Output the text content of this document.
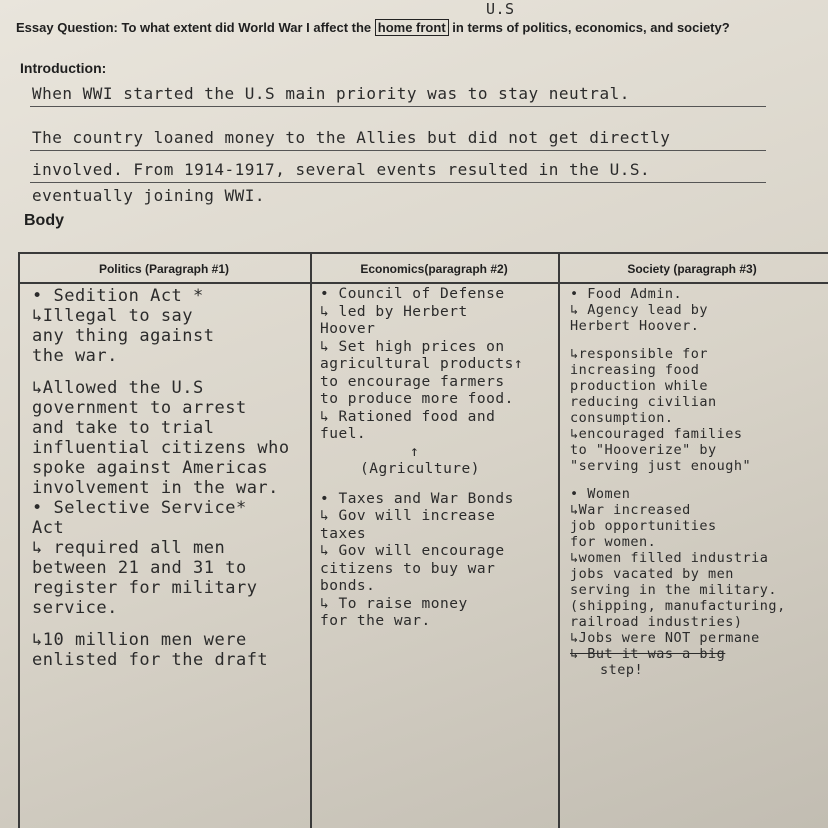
U.S
Essay Question: To what extent did World War I affect the home front in terms of politics, economics, and society?
Introduction:
When WWI started the U.S main priority was to stay neutral.
The country loaned money to the Allies but did not get directly
involved. From 1914-1917, several events resulted in the U.S.
eventually joining WWI.
Body
Politics (Paragraph #1)	Economics(paragraph #2)	Society (paragraph #3)

• Sedition Act *

↳Illegal to say

any thing against

the war.

↳Allowed the U.S

government to arrest

and take to trial

influential citizens who

spoke against Americas

involvement in the war.

• Selective Service*

Act

↳ required all men

between 21 and 31 to

register for military

service.

↳10 million men were

enlisted for the draft

• Council of Defense

↳ led by Herbert

Hoover

↳ Set high prices on

agricultural products↑

to encourage farmers

to produce more food.

↳ Rationed food and

fuel.

↑

(Agriculture)

• Taxes and War Bonds

↳ Gov will increase

taxes

↳ Gov will encourage

citizens to buy war

bonds.

↳ To raise money

for the war.

• Food Admin.

↳ Agency lead by

Herbert Hoover.

↳responsible for

increasing food

production while

reducing civilian

consumption.

↳encouraged families

to "Hooverize" by

"serving just enough"

• Women

↳War increased

job opportunities

for women.

↳women filled industria

jobs vacated by men

serving in the military.

(shipping, manufacturing,

railroad industries)

↳Jobs were NOT permane

↳ But it was a big

step!
